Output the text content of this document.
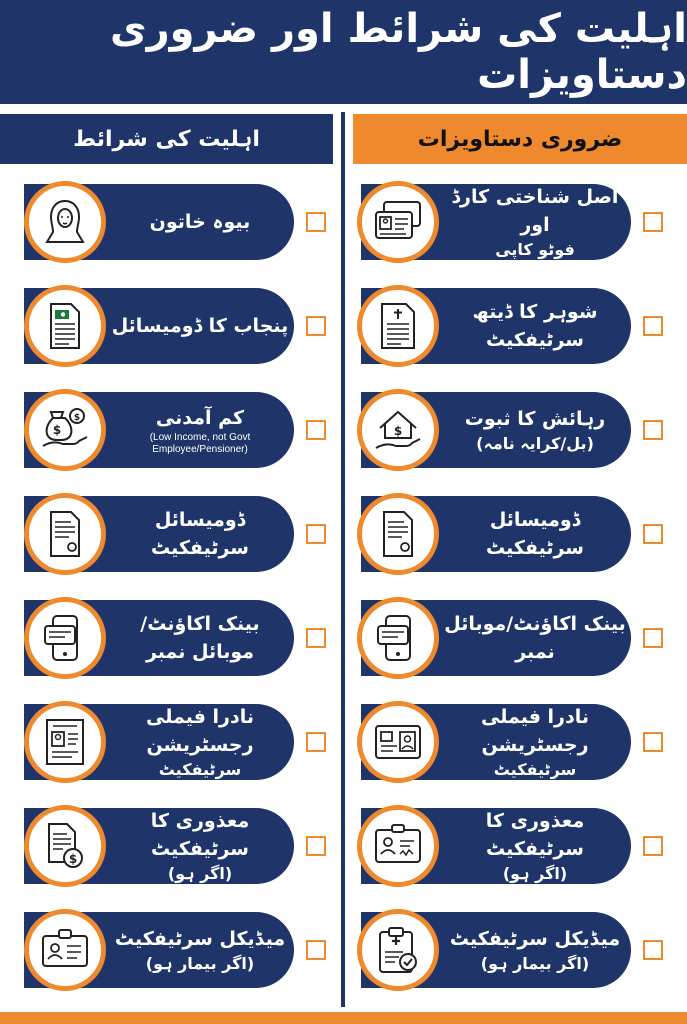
اہلیت کی شرائط اور ضروری دستاویزات
اہلیت کی شرائط	ضروری دستاویزات
بیوہ خاتون
پنجاب کا ڈومیسائل
کم آمدنی
(Low Income, not Govt Employee/Pensioner)
ڈومیسائل سرٹیفکیٹ
بینک اکاؤنٹ/موبائل نمبر
نادرا فیملی رجسٹریشن
سرٹیفکیٹ
معذوری کا سرٹیفکیٹ
(اگر ہو)
میڈیکل سرٹیفکیٹ
(اگر بیمار ہو)
اصل شناختی کارڈ اور
فوٹو کاپی
شوہر کا ڈیتھ سرٹیفکیٹ
رہائش کا ثبوت
(بل/کرایہ نامہ)
ڈومیسائل سرٹیفکیٹ
بینک اکاؤنٹ/موبائل نمبر
نادرا فیملی رجسٹریشن
سرٹیفکیٹ
معذوری کا سرٹیفکیٹ
(اگر ہو)
میڈیکل سرٹیفکیٹ
(اگر بیمار ہو)
